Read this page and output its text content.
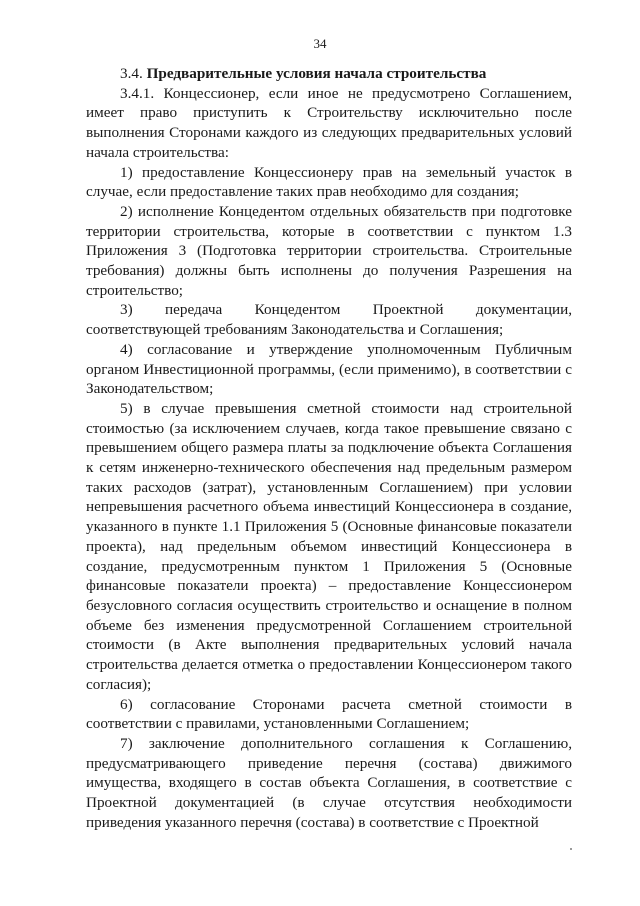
34

3.4. Предварительные условия начала строительства

3.4.1. Концессионер, если иное не предусмотрено Соглашением, имеет право приступить к Строительству исключительно после выполнения Сторонами каждого из следующих предварительных условий начала строительства:

1) предоставление Концессионеру прав на земельный участок в случае, если предоставление таких прав необходимо для создания;

2) исполнение Концедентом отдельных обязательств при подготовке территории строительства, которые в соответствии с пунктом 1.3 Приложения 3 (Подготовка территории строительства. Строительные требования) должны быть исполнены до получения Разрешения на строительство;

3) передача Концедентом Проектной документации, соответствующей требованиям Законодательства и Соглашения;

4) согласование и утверждение уполномоченным Публичным органом Инвестиционной программы, (если применимо), в соответствии с Законодательством;

5) в случае превышения сметной стоимости над строительной стоимостью (за исключением случаев, когда такое превышение связано с превышением общего размера платы за подключение объекта Соглашения к сетям инженерно-технического обеспечения над предельным размером таких расходов (затрат), установленным Соглашением) при условии непревышения расчетного объема инвестиций Концессионера в создание, указанного в пункте 1.1 Приложения 5 (Основные финансовые показатели проекта), над предельным объемом инвестиций Концессионера в создание, предусмотренным пунктом 1 Приложения 5 (Основные финансовые показатели проекта) – предоставление Концессионером безусловного согласия осуществить строительство и оснащение в полном объеме без изменения предусмотренной Соглашением строительной стоимости (в Акте выполнения предварительных условий начала строительства делается отметка о предоставлении Концессионером такого согласия);

6) согласование Сторонами расчета сметной стоимости в соответствии с правилами, установленными Соглашением;

7) заключение дополнительного соглашения к Соглашению, предусматривающего приведение перечня (состава) движимого имущества, входящего в состав объекта Соглашения, в соответствие с Проектной документацией (в случае отсутствия необходимости приведения указанного перечня (состава) в соответствие с Проектной
